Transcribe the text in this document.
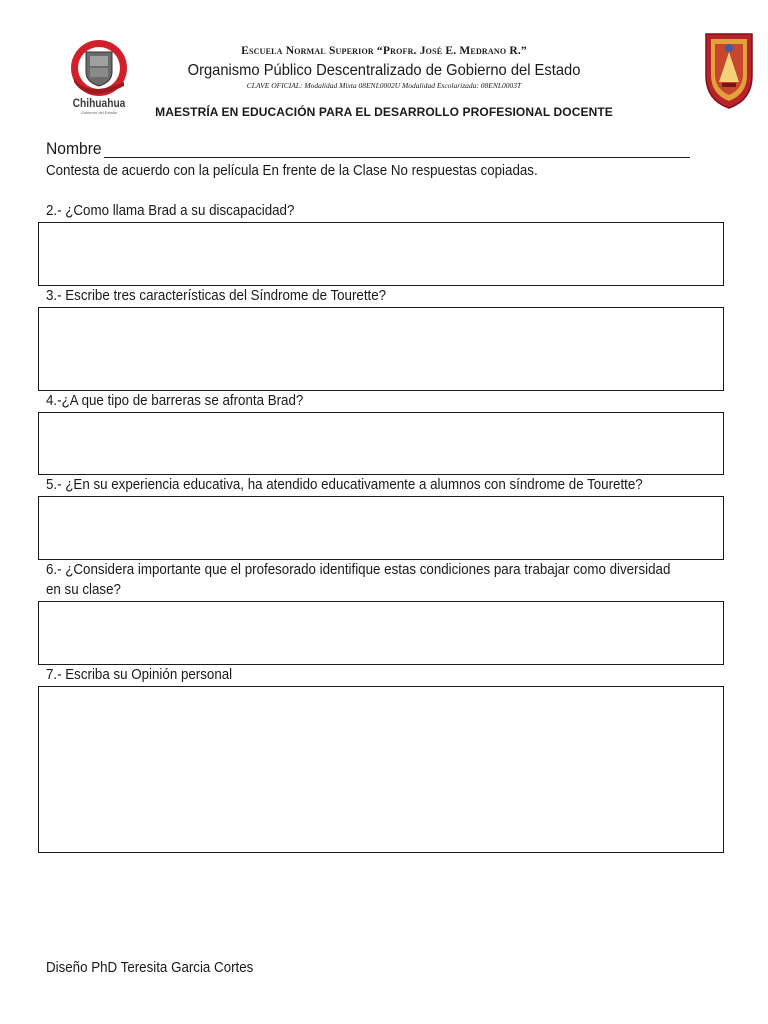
Chihuahua
Gobierno del Estado
Escuela Normal Superior “Profr. José E. Medrano R.”
Organismo Público Descentralizado de Gobierno del Estado
CLAVE OFICIAL: Modalidad Mixta 08ENL0002U Modalidad Escolarizada: 08ENL0003T
MAESTRÍA EN EDUCACIÓN PARA EL DESARROLLO PROFESIONAL DOCENTE
Nombre
Contesta de acuerdo con la película En frente de la Clase No respuestas copiadas.
2.- ¿Como llama Brad a su discapacidad?
3.- Escribe tres características del Síndrome de Tourette?
4.-¿A que tipo de barreras se afronta Brad?
5.- ¿En su experiencia educativa, ha atendido educativamente a alumnos con síndrome de Tourette?
6.- ¿Considera importante que el profesorado identifique estas condiciones para trabajar como diversidad
en su clase?
7.- Escriba su Opinión personal
Diseño PhD Teresita Garcia Cortes
